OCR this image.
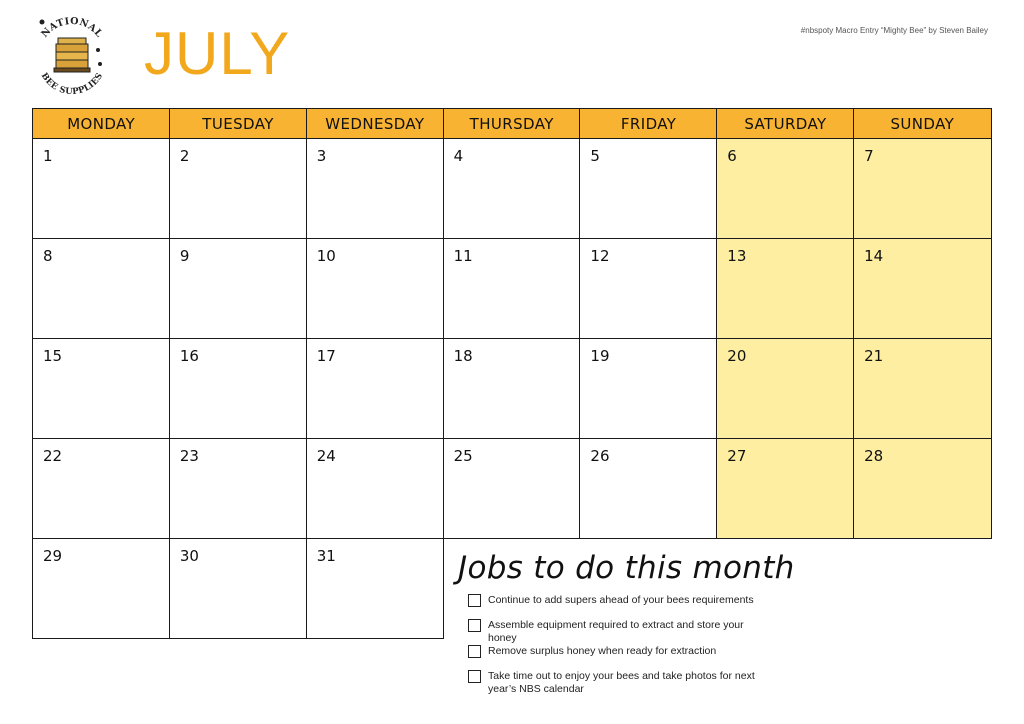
NATIONAL
BEE SUPPLIES JULY	#nbspoty Macro Entry “Mighty Bee” by Steven Bailey
MONDAY	TUESDAY	WEDNESDAY	THURSDAY	FRIDAY	SATURDAY	SUNDAY
1	2	3	4	5	6	7
8	9	10	11	12	13	14
15	16	17	18	19	20	21
22	23	24	25	26	27	28
29	30	31	Jobs to do this month
Continue to add supers ahead of your bees requirements
Assemble equipment required to extract and store your honey
Remove surplus honey when ready for extraction
Take time out to enjoy your bees and take photos for next year’s NBS calendar
